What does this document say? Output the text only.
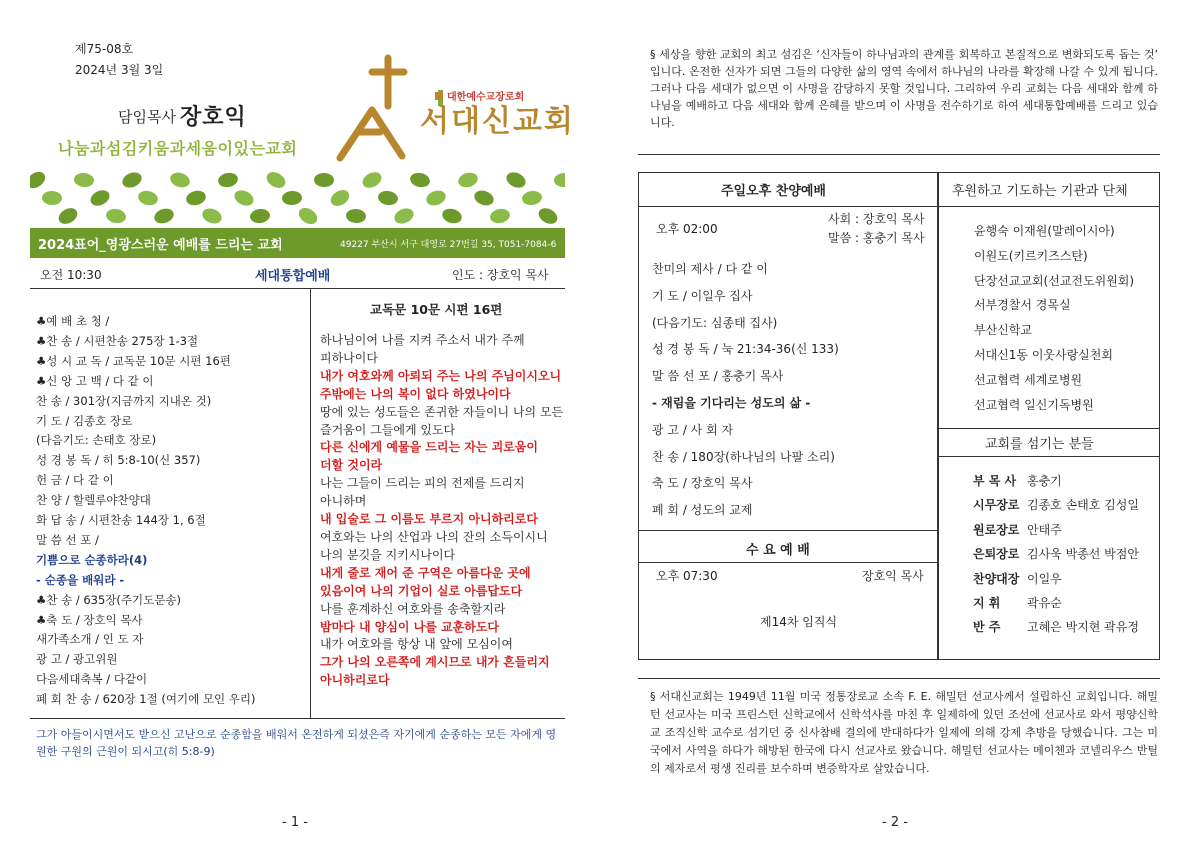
제75-08호
2024년 3월 3일
담임목사 장호익
나눔과섬김키움과세움이있는교회
서대신교회
대한예수교장로회
2024표어_영광스러운 예배를 드리는 교회	49227 부산시 서구 대영로 27번길 35, T051-7084-6
오전 10:30	세대통합예배	인도 : 장호익 목사
♣예 배 초 청 /
♣찬 송 / 시편찬송 275장 1-3절
♣성 시 교 독 / 교독문 10문 시편 16편
♣신 앙 고 백 / 다 같 이
찬 송 / 301장(지금까지 지내온 것)
기 도 / 김종호 장로
(다음기도: 손태호 장로)
성 경 봉 독 / 히 5:8-10(신 357)
헌 금 / 다 같 이
찬 양 / 할렐루야찬양대
화 답 송 / 시편찬송 144장 1, 6절
말 씀 선 포 /
기쁨으로 순종하라(4)
- 순종을 배워라 -
♣찬 송 / 635장(주기도문송)
♣축 도 / 장호익 목사
새가족소개 / 인 도 자
광 고 / 광고위원
다음세대축복 / 다같이
폐 회 찬 송 / 620장 1절 (여기에 모인 우리)
교독문 10문 시편 16편
하나님이여 나를 지켜 주소서 내가 주께 피하나이다
내가 여호와께 아뢰되 주는 나의 주님이시오니 주밖에는 나의 복이 없다 하였나이다
땅에 있는 성도들은 존귀한 자들이니 나의 모든 즐거움이 그들에게 있도다
다른 신에게 예물을 드리는 자는 괴로움이 더할 것이라
나는 그들이 드리는 피의 전제를 드리지 아니하며
내 입술로 그 이름도 부르지 아니하리로다
여호와는 나의 산업과 나의 잔의 소득이시니 나의 분깃을 지키시나이다
내게 줄로 재어 준 구역은 아름다운 곳에 있음이여 나의 기업이 실로 아름답도다
나를 훈계하신 여호와를 송축할지라
밤마다 내 양심이 나를 교훈하도다
내가 여호와를 항상 내 앞에 모심이여
그가 나의 오른쪽에 계시므로 내가 흔들리지 아니하리로다
그가 아들이시면서도 받으신 고난으로 순종함을 배워서 온전하게 되셨은즉 자기에게 순종하는 모든 자에게 영원한 구원의 근원이 되시고(히 5:8-9)
- 1 -
§ 세상을 향한 교회의 최고 섬김은 ‘신자들이 하나님과의 관계를 회복하고 본질적으로 변화되도록 돕는 것’ 입니다. 온전한 신자가 되면 그들의 다양한 삶의 영역 속에서 하나님의 나라를 확장해 나갈 수 있게 됩니다. 그러나 다음 세대가 없으면 이 사명을 감당하지 못할 것입니다. 그리하여 우리 교회는 다음 세대와 함께 하나님을 예배하고 다음 세대와 함께 은혜를 받으며 이 사명을 전수하기로 하여 세대통합예배를 드리고 있습니다.
주일오후 찬양예배	후원하고 기도하는 기관과 단체
오후 02:00
사회 : 장호익 목사
말씀 : 홍충기 목사
찬미의 제사 / 다 같 이
기 도 / 이일우 집사
(다음기도: 심종태 집사)
성 경 봉 독 / 눅 21:34-36(신 133)
말 씀 선 포 / 홍충기 목사
- 재림을 기다리는 성도의 삶 -
광 고 / 사 회 자
찬 송 / 180장(하나님의 나팔 소리)
축 도 / 장호익 목사
폐 회 / 성도의 교제
수 요 예 배
오후 07:30	장호익 목사
제14차 임직식
윤행숙 이재원(말레이시아)
이원도(키르키즈스탄)
단장선교교회(선교전도위원회)
서부경찰서 경목실
부산신학교
서대신1동 이웃사랑실천회
선교협력 세계로병원
선교협력 일신기독병원
교회를 섬기는 분들
부 목 사 홍충기
시무장로 김종호 손태호 김성일
원로장로 안태주
은퇴장로 김사욱 박종선 박점안
찬양대장 이일우
지 휘 곽유순
반 주 고혜은 박지현 곽유정
§ 서대신교회는 1949년 11월 미국 정통장로교 소속 F. E. 해밀턴 선교사께서 설립하신 교회입니다. 해밀턴 선교사는 미국 프린스턴 신학교에서 신학석사를 마친 후 일제하에 있던 조선에 선교사로 와서 평양신학교 조직신학 교수로 섬기던 중 신사참배 결의에 반대하다가 일제에 의해 강제 추방을 당했습니다. 그는 미국에서 사역을 하다가 해방된 한국에 다시 선교사로 왔습니다. 해밀턴 선교사는 메이첸과 코넬리우스 반틸의 제자로서 평생 진리를 보수하며 변증학자로 살았습니다.
- 2 -
